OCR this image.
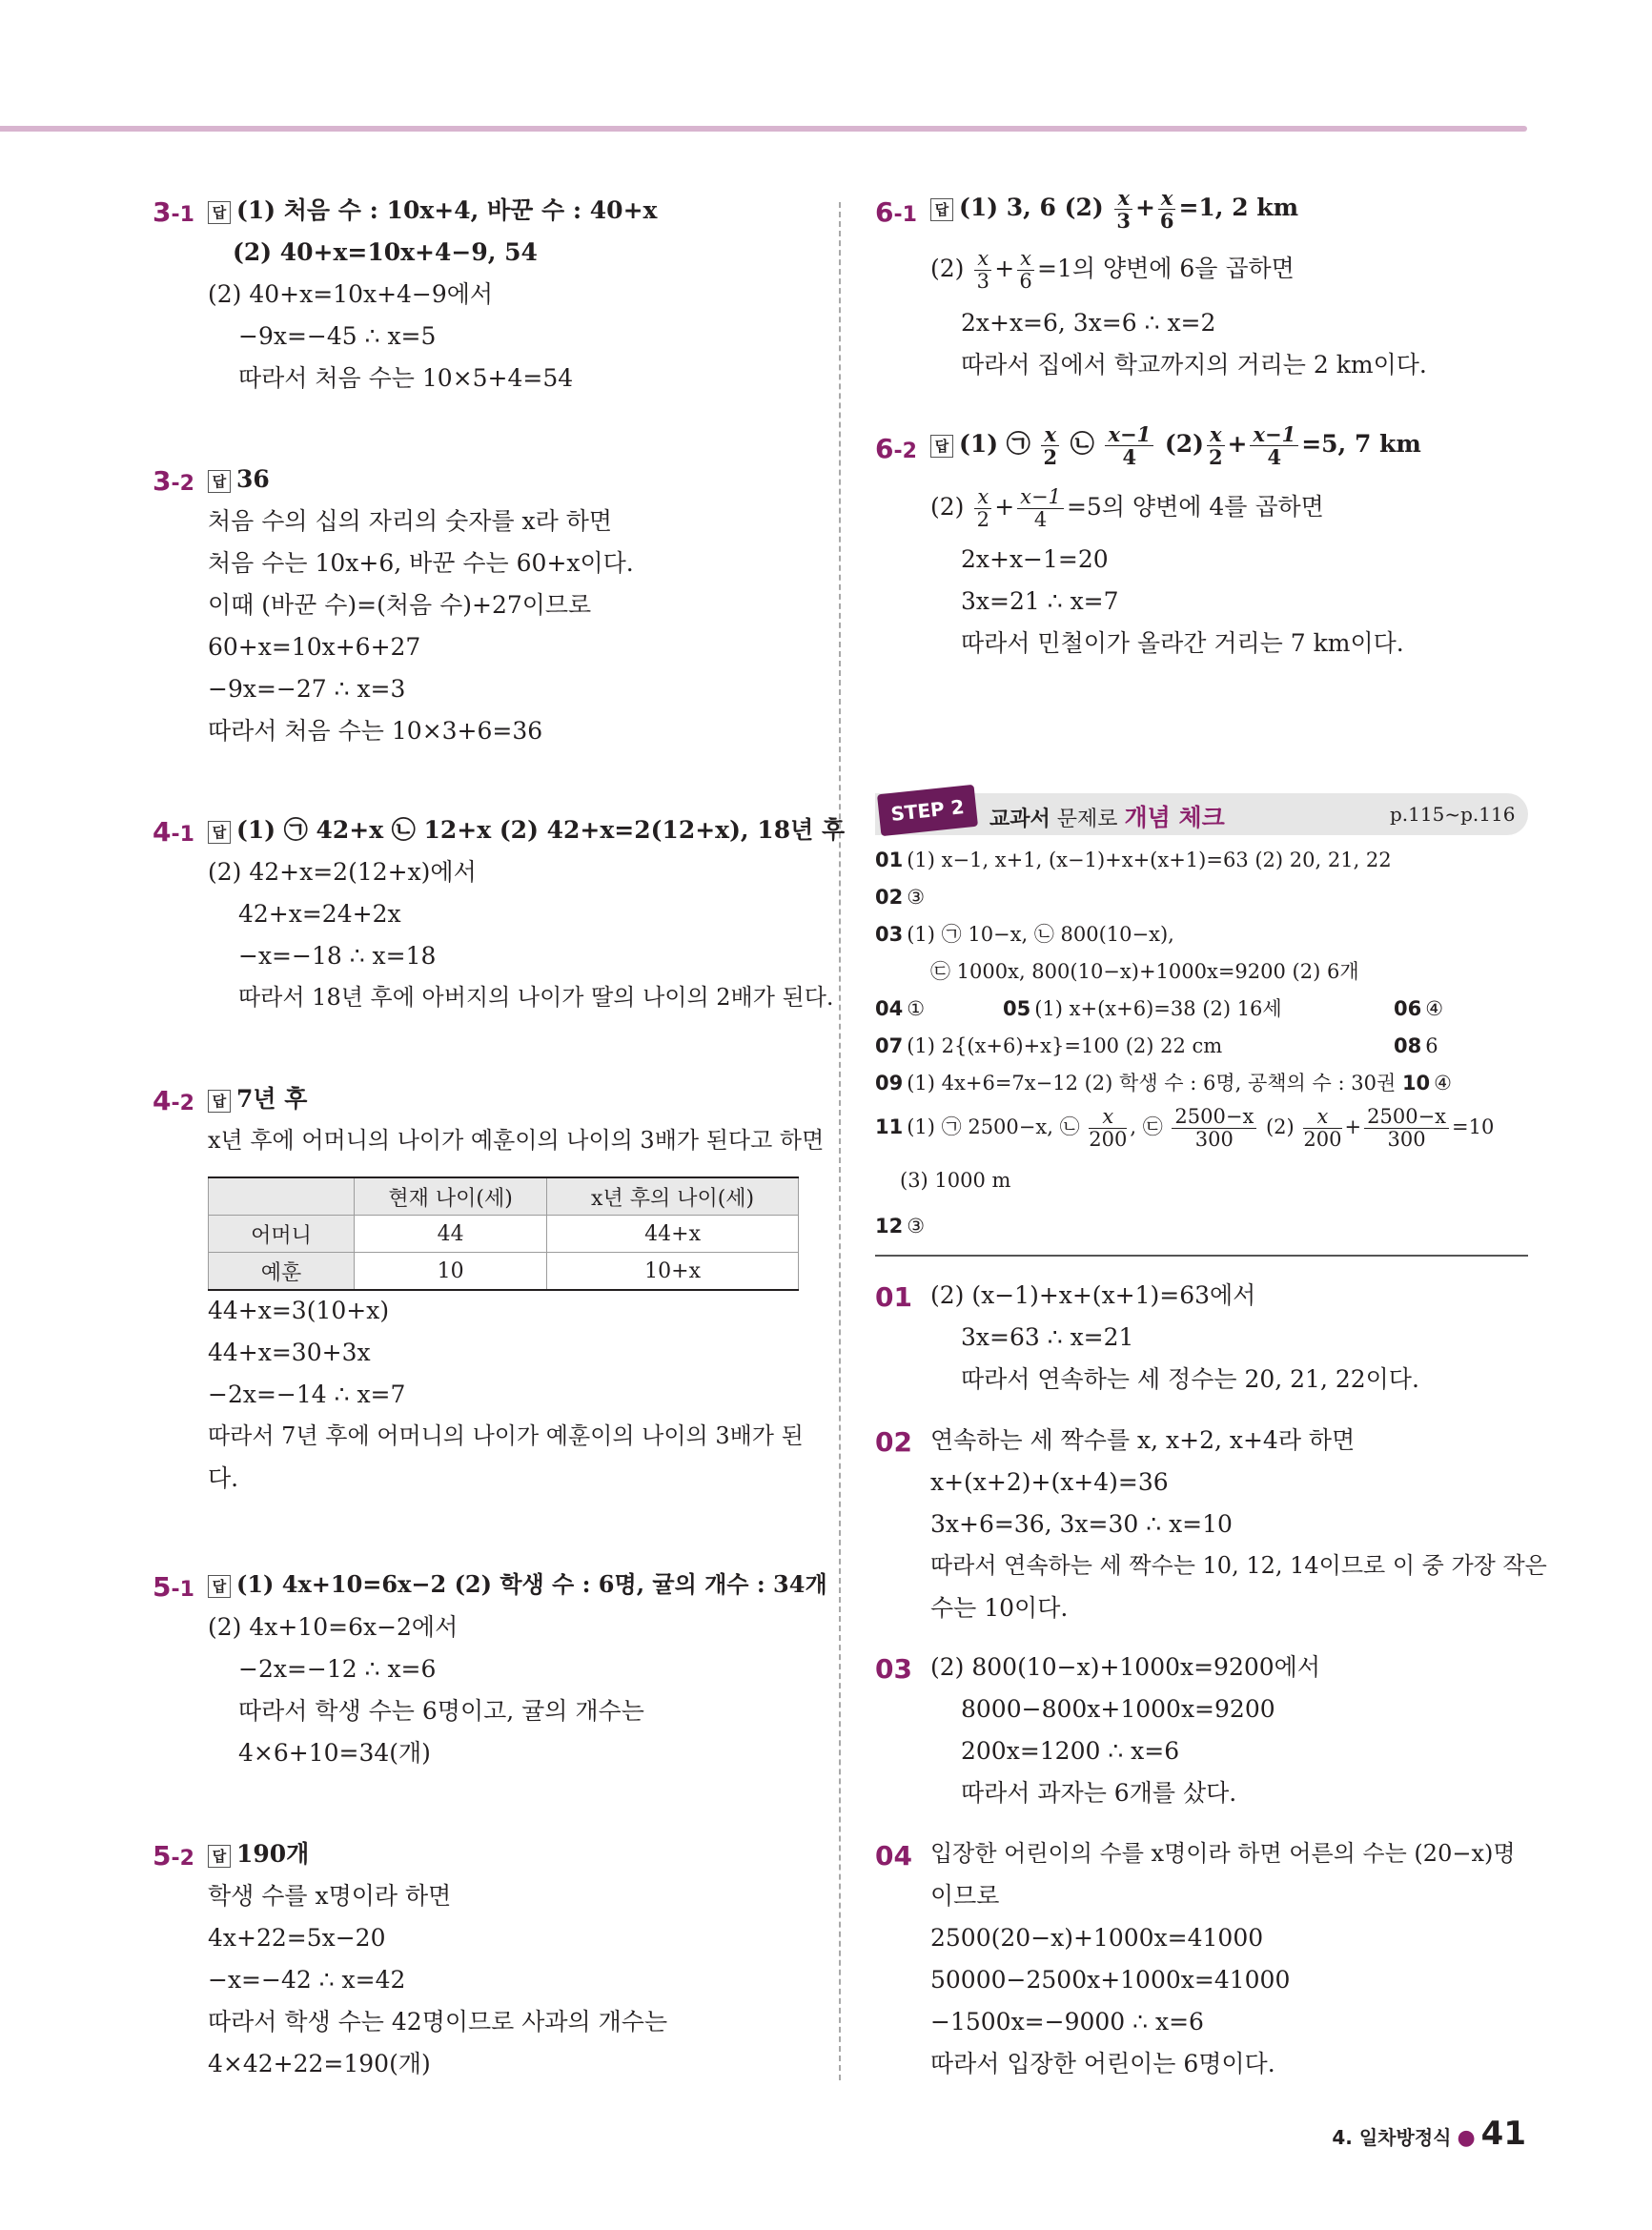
3-1	답 (1) 처음 수 : 10x+4, 바꾼 수 : 40+x
(2) 40+x=10x+4−9, 54
(2) 40+x=10x+4−9에서
−9x=−45 ∴ x=5
따라서 처음 수는 10×5+4=54
3-2	답 36
처음 수의 십의 자리의 숫자를 x라 하면
처음 수는 10x+6, 바꾼 수는 60+x이다.
이때 (바꾼 수)=(처음 수)+27이므로
60+x=10x+6+27
−9x=−27 ∴ x=3
따라서 처음 수는 10×3+6=36
4-1	답 (1) ㉠ 42+x ㉡ 12+x (2) 42+x=2(12+x), 18년 후
(2) 42+x=2(12+x)에서
42+x=24+2x
−x=−18 ∴ x=18
따라서 18년 후에 아버지의 나이가 딸의 나이의 2배가 된다.
4-2	답 7년 후
x년 후에 어머니의 나이가 예훈이의 나이의 3배가 된다고 하면
	현재 나이(세)	x년 후의 나이(세)
어머니	44	44+x
예훈	10	10+x
44+x=3(10+x)
44+x=30+3x
−2x=−14 ∴ x=7
따라서 7년 후에 어머니의 나이가 예훈이의 나이의 3배가 된
다.
5-1	답 (1) 4x+10=6x−2 (2) 학생 수 : 6명, 귤의 개수 : 34개
(2) 4x+10=6x−2에서
−2x=−12 ∴ x=6
따라서 학생 수는 6명이고, 귤의 개수는
4×6+10=34(개)
5-2	답 190개
학생 수를 x명이라 하면
4x+22=5x−20
−x=−42 ∴ x=42
따라서 학생 수는 42명이므로 사과의 개수는
4×42+22=190(개)
6-1	답 (1) 3, 6 $(2) \frac{x}{3} + \frac{x}{6} =1$, 2 km
$(2) \frac{x}{3} + \frac{x}{6} =1$의 양변에 6을 곱하면
2x+x=6, 3x=6 ∴ x=2
따라서 집에서 학교까지의 거리는 2 km이다.
6-2	답 (1) ㉠ $\frac{x}{2}$ ㉡ $\frac{x-1}{4} (2) \frac{x}{2} + \frac{x-1}{4} =5$, 7 km
$(2) \frac{x}{2} + \frac{x-1}{4} =5$의 양변에 4를 곱하면
2x+x−1=20
3x=21 ∴ x=7
따라서 민철이가 올라간 거리는 7 km이다.
STEP 2	교과서 문제로 개념 체크	p.115~p.116
01 (1) x−1, x+1, (x−1)+x+(x+1)=63 (2) 20, 21, 22
02 ③
03 (1) ㉠ 10−x, ㉡ 800(10−x),
㉢ 1000x, 800(10−x)+1000x=9200 (2) 6개
04 ①	05 (1) x+(x+6)=38 (2) 16세	06 ④
07 (1) 2{(x+6)+x}=100 (2) 22 cm	08 6
09 (1) 4x+6=7x−12 (2) 학생 수 : 6명, 공책의 수 : 30권 10 ④
11 (1) ㉠ 2500−x, ㉡ $\frac{x}{200}$ , ㉢ $\frac{2500-x}{300} (2) \frac{x}{200} + \frac{2500-x}{300} =10$
(3) 1000 m
12 ③
01 (2) (x−1)+x+(x+1)=63에서
3x=63 ∴ x=21
따라서 연속하는 세 정수는 20, 21, 22이다.
02 연속하는 세 짝수를 x, x+2, x+4라 하면
x+(x+2)+(x+4)=36
3x+6=36, 3x=30 ∴ x=10
따라서 연속하는 세 짝수는 10, 12, 14이므로 이 중 가장 작은
수는 10이다.
03 (2) 800(10−x)+1000x=9200에서
8000−800x+1000x=9200
200x=1200 ∴ x=6
따라서 과자는 6개를 샀다.
04 입장한 어린이의 수를 x명이라 하면 어른의 수는 (20−x)명
이므로
2500(20−x)+1000x=41000
50000−2500x+1000x=41000
−1500x=−9000 ∴ x=6
따라서 입장한 어린이는 6명이다.
4. 일차방정식 ● 41
